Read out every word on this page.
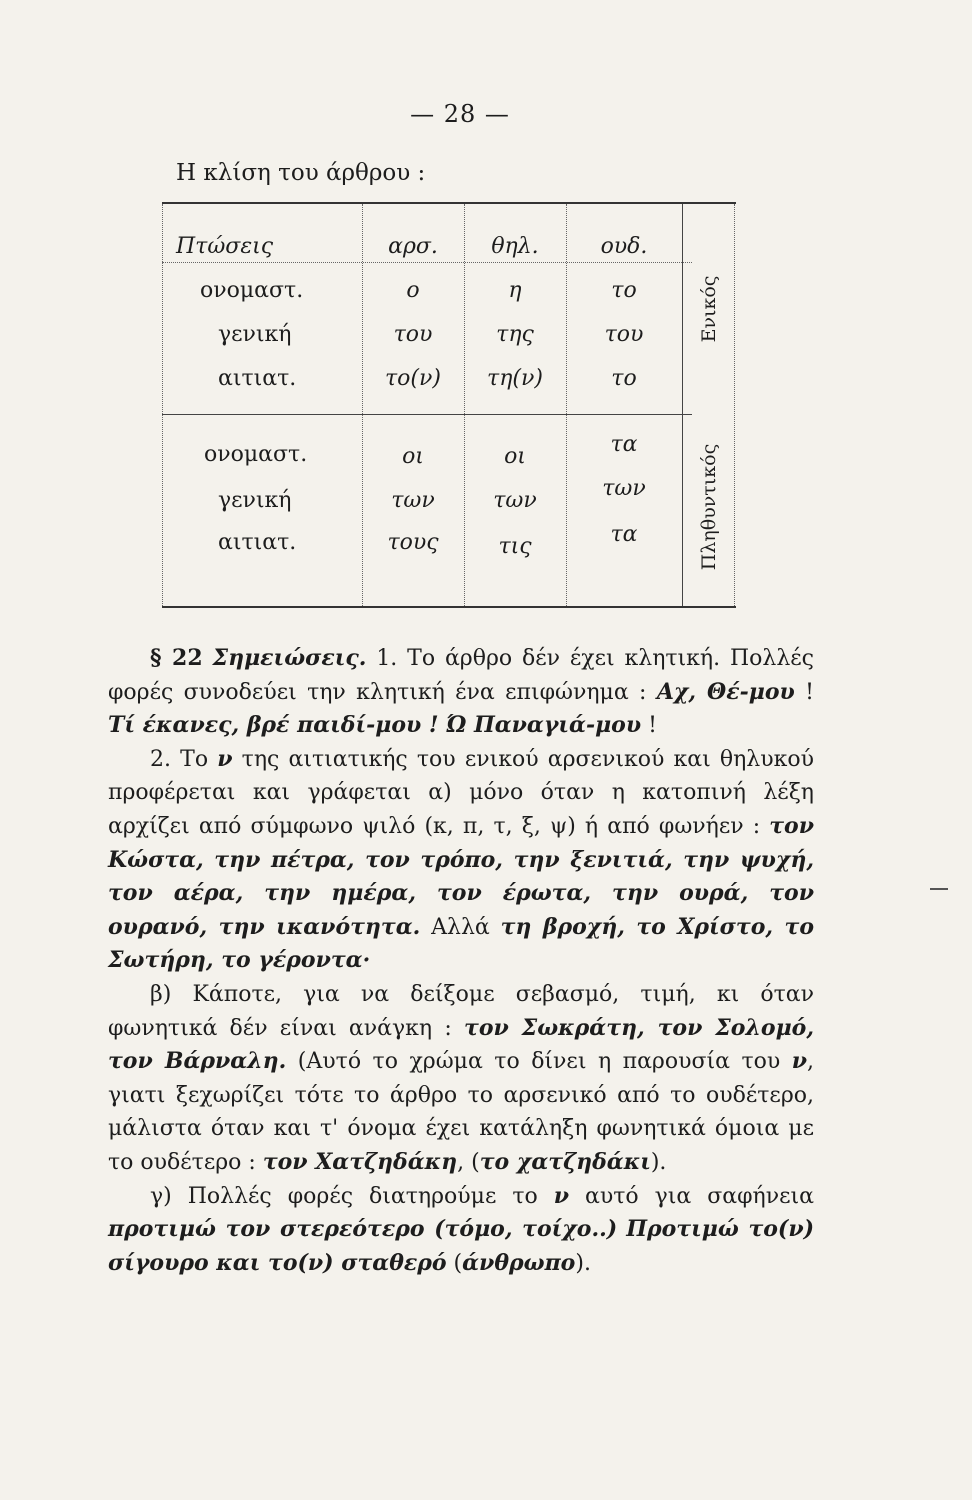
— 28 —
Η κλίση του άρθρου :
Πτώσεις	αρσ.	θηλ.	ουδ.
ονομαστ.	ο	η	το
γενική	του	της	του
αιτιατ.	το(ν)	τη(ν)	το
ονομαστ.	οι	οι	τα
γενική	των	των	των
αιτιατ.	τους	τις	τα
Ενικός
Πληθυντικός

§ 22 Σημειώσεις. 1. Το άρθρο δέν έχει κλητική. Πολλές φορές συνοδεύει την κλητική ένα επιφώνημα : Αχ, Θέ-μου ! Τί έκανες, βρέ παιδί-μου ! Ώ Παναγιά-μου !

2. Το ν της αιτιατικής του ενικού αρσενικού και θηλυκού προφέρεται και γράφεται α) μόνο όταν η κατοπινή λέξη αρχίζει από σύμφωνο ψιλό (κ, π, τ, ξ, ψ) ή από φωνήεν : τον Κώστα, την πέτρα, τον τρόπο, την ξενιτιά, την ψυχή, τον αέρα, την ημέρα, τον έρωτα, την ουρά, τον ουρανό, την ικανότητα. Αλλά τη βροχή, το Χρίστο, το Σωτήρη, το γέροντα·

β) Κάποτε, για να δείξομε σεβασμό, τιμή, κι όταν φωνητικά δέν είναι ανάγκη : τον Σωκράτη, τον Σολομό, τον Βάρναλη. (Αυτό το χρώμα το δίνει η παρουσία του ν, γιατι ξεχωρίζει τότε το άρθρο το αρσενικό από το ουδέτερο, μάλιστα όταν και τ' όνομα έχει κατάληξη φωνητικά όμοια με το ουδέτερο : τον Χατζηδάκη, (το χατζηδάκι).

γ) Πολλές φορές διατηρούμε το ν αυτό για σαφήνεια προτιμώ τον στερεότερο (τόμο, τοίχο..) Προτιμώ το(ν) σίγουρο και το(ν) σταθερό (άνθρωπο).
